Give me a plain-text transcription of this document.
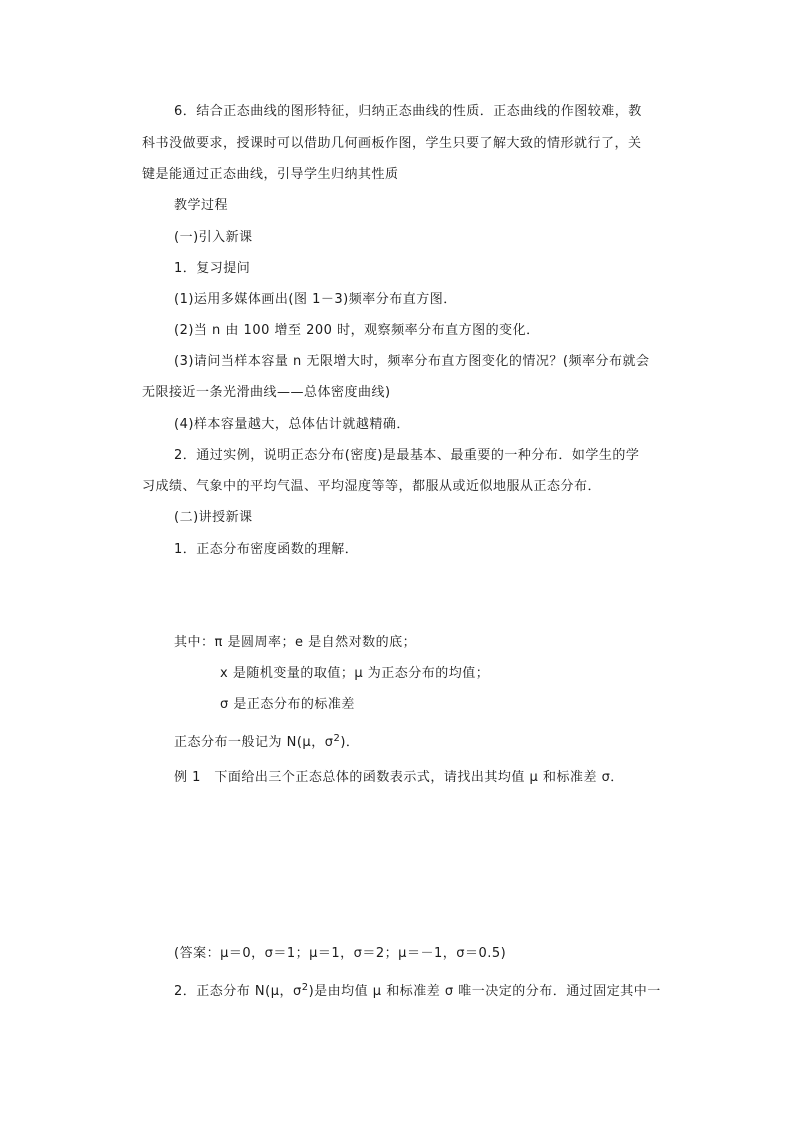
6．结合正态曲线的图形特征，归纳正态曲线的性质．正态曲线的作图较难，教
科书没做要求，授课时可以借助几何画板作图，学生只要了解大致的情形就行了，关
键是能通过正态曲线，引导学生归纳其性质
教学过程
(一)引入新课
1．复习提问
(1)运用多媒体画出(图 1－3)频率分布直方图．
(2)当 n 由 100 增至 200 时，观察频率分布直方图的变化．
(3)请问当样本容量 n 无限增大时，频率分布直方图变化的情况？(频率分布就会
无限接近一条光滑曲线——总体密度曲线)
(4)样本容量越大，总体估计就越精确．
2．通过实例，说明正态分布(密度)是最基本、最重要的一种分布．如学生的学
习成绩、气象中的平均气温、平均湿度等等，都服从或近似地服从正态分布．
(二)讲授新课
1．正态分布密度函数的理解．
其中：π 是圆周率；e 是自然对数的底；
x 是随机变量的取值；μ 为正态分布的均值；
σ 是正态分布的标准差
正态分布一般记为 N(μ，$\sigma^2$)．
例 1　下面给出三个正态总体的函数表示式，请找出其均值 μ 和标准差 σ．
(答案：μ＝0，σ＝1；μ＝1，σ＝2；μ＝－1，σ＝0.5)
2．正态分布 N(μ，$\sigma^2$)是由均值 μ 和标准差 σ 唯一决定的分布．通过固定其中一
